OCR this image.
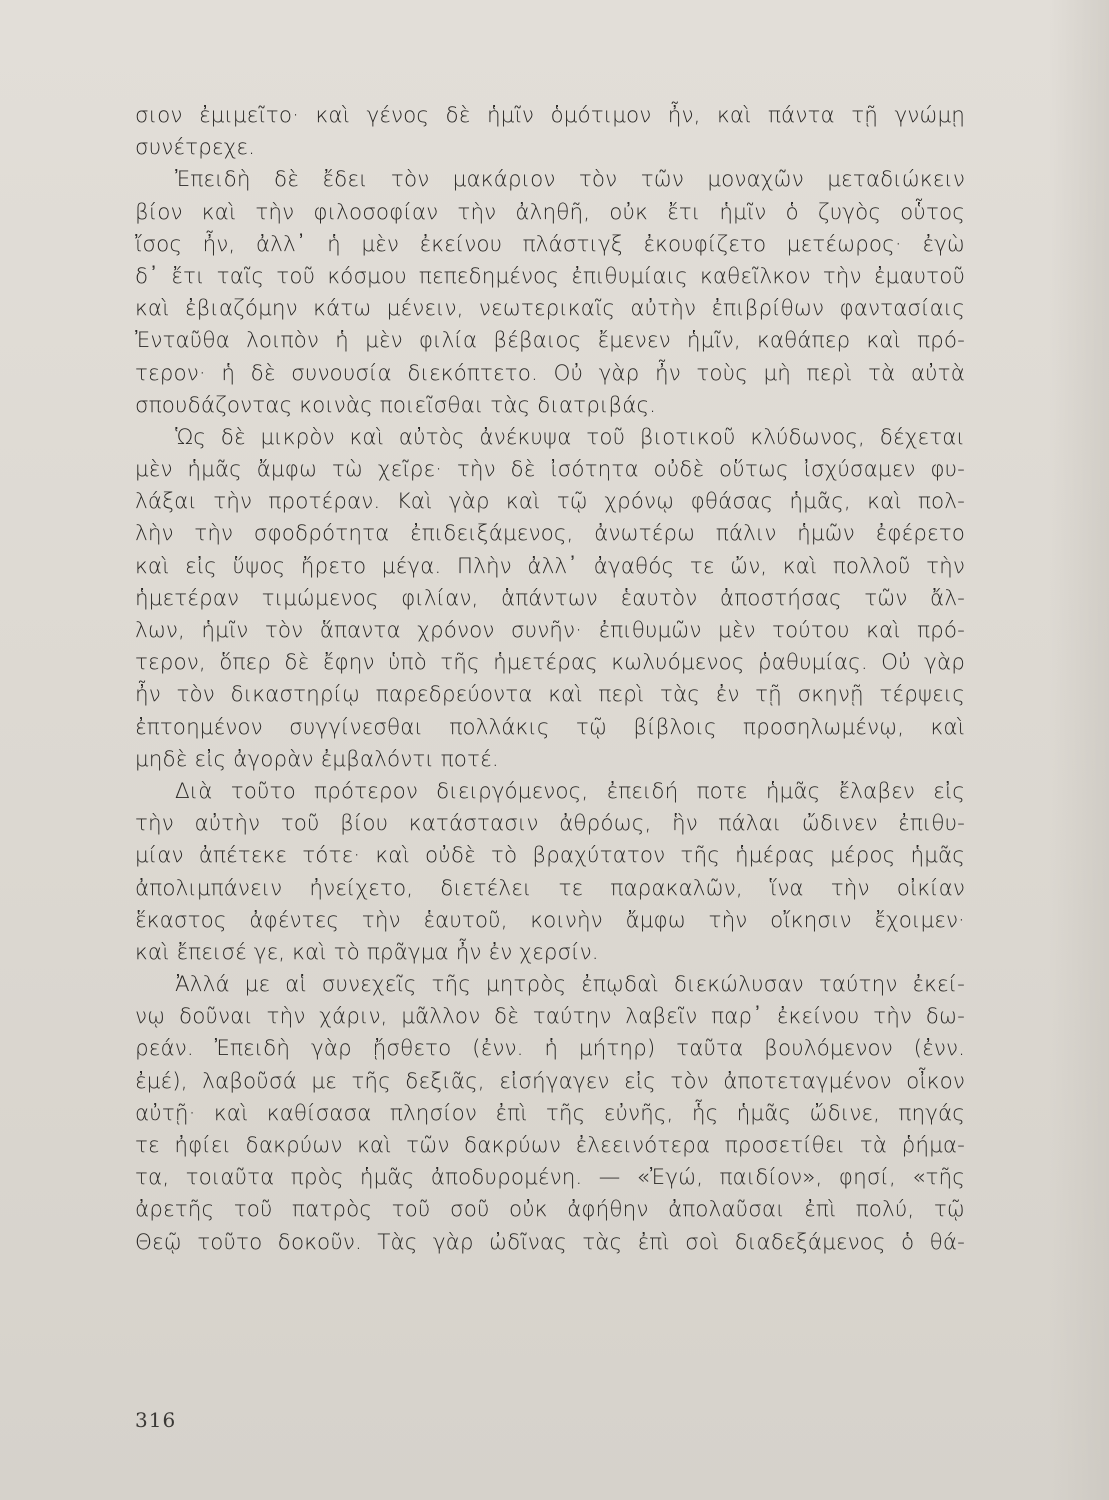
σιον ἐμιμεῖτο· καὶ γένος δὲ ἡμῖν ὁμότιμον ἦν, καὶ πάντα τῇ γνώμῃ
συνέτρεχε.
Ἐπειδὴ δὲ ἔδει τὸν μακάριον τὸν τῶν μοναχῶν μεταδιώκειν
βίον καὶ τὴν φιλοσοφίαν τὴν ἀληθῆ, οὐκ ἔτι ἡμῖν ὁ ζυγὸς οὗτος
ἴσος ἦν, ἀλλ᾽ ἡ μὲν ἐκείνου πλάστιγξ ἐκουφίζετο μετέωρος· ἐγὼ
δ᾽ ἔτι ταῖς τοῦ κόσμου πεπεδημένος ἐπιθυμίαις καθεῖλκον τὴν ἐμαυτοῦ
καὶ ἐβιαζόμην κάτω μένειν, νεωτερικαῖς αὐτὴν ἐπιβρίθων φαντασίαις
Ἐνταῦθα λοιπὸν ἡ μὲν φιλία βέβαιος ἔμενεν ἡμῖν, καθάπερ καὶ πρό-
τερον· ἡ δὲ συνουσία διεκόπτετο. Οὐ γὰρ ἦν τοὺς μὴ περὶ τὰ αὐτὰ
σπουδάζοντας κοινὰς ποιεῖσθαι τὰς διατριβάς.
Ὡς δὲ μικρὸν καὶ αὐτὸς ἀνέκυψα τοῦ βιοτικοῦ κλύδωνος, δέχεται
μὲν ἡμᾶς ἄμφω τὼ χεῖρε· τὴν δὲ ἰσότητα οὐδὲ οὕτως ἰσχύσαμεν φυ-
λάξαι τὴν προτέραν. Καὶ γὰρ καὶ τῷ χρόνῳ φθάσας ἡμᾶς, καὶ πολ-
λὴν τὴν σφοδρότητα ἐπιδειξάμενος, ἀνωτέρω πάλιν ἡμῶν ἐφέρετο
καὶ εἰς ὕψος ἤρετο μέγα. Πλὴν ἀλλ᾽ ἀγαθός τε ὤν, καὶ πολλοῦ τὴν
ἡμετέραν τιμώμενος φιλίαν, ἁπάντων ἑαυτὸν ἀποστήσας τῶν ἄλ-
λων, ἡμῖν τὸν ἅπαντα χρόνον συνῆν· ἐπιθυμῶν μὲν τούτου καὶ πρό-
τερον, ὅπερ δὲ ἔφην ὑπὸ τῆς ἡμετέρας κωλυόμενος ῥαθυμίας. Οὐ γὰρ
ἦν τὸν δικαστηρίῳ παρεδρεύοντα καὶ περὶ τὰς ἐν τῇ σκηνῇ τέρψεις
ἐπτοημένον συγγίνεσθαι πολλάκις τῷ βίβλοις προσηλωμένῳ, καὶ
μηδὲ εἰς ἀγορὰν ἐμβαλόντι ποτέ.
Διὰ τοῦτο πρότερον διειργόμενος, ἐπειδή ποτε ἡμᾶς ἔλαβεν εἰς
τὴν αὐτὴν τοῦ βίου κατάστασιν ἀθρόως, ἣν πάλαι ὤδινεν ἐπιθυ-
μίαν ἀπέτεκε τότε· καὶ οὐδὲ τὸ βραχύτατον τῆς ἡμέρας μέρος ἡμᾶς
ἀπολιμπάνειν ἠνείχετο, διετέλει τε παρακαλῶν, ἵνα τὴν οἰκίαν
ἕκαστος ἀφέντες τὴν ἑαυτοῦ, κοινὴν ἄμφω τὴν οἴκησιν ἔχοιμεν·
καὶ ἔπεισέ γε, καὶ τὸ πρᾶγμα ἦν ἐν χερσίν.
Ἀλλά με αἱ συνεχεῖς τῆς μητρὸς ἐπῳδαὶ διεκώλυσαν ταύτην ἐκεί-
νῳ δοῦναι τὴν χάριν, μᾶλλον δὲ ταύτην λαβεῖν παρ᾽ ἐκείνου τὴν δω-
ρεάν. Ἐπειδὴ γὰρ ᾔσθετο (ἐνν. ἡ μήτηρ) ταῦτα βουλόμενον (ἐνν.
ἐμέ), λαβοῦσά με τῆς δεξιᾶς, εἰσήγαγεν εἰς τὸν ἀποτεταγμένον οἶκον
αὐτῇ· καὶ καθίσασα πλησίον ἐπὶ τῆς εὐνῆς, ἧς ἡμᾶς ὤδινε, πηγάς
τε ἠφίει δακρύων καὶ τῶν δακρύων ἐλεεινότερα προσετίθει τὰ ῥήμα-
τα, τοιαῦτα πρὸς ἡμᾶς ἀποδυρομένη. — «Ἐγώ, παιδίον», φησί, «τῆς
ἀρετῆς τοῦ πατρὸς τοῦ σοῦ οὐκ ἀφήθην ἀπολαῦσαι ἐπὶ πολύ, τῷ
Θεῷ τοῦτο δοκοῦν. Τὰς γὰρ ὠδῖνας τὰς ἐπὶ σοὶ διαδεξάμενος ὁ θά-
316
